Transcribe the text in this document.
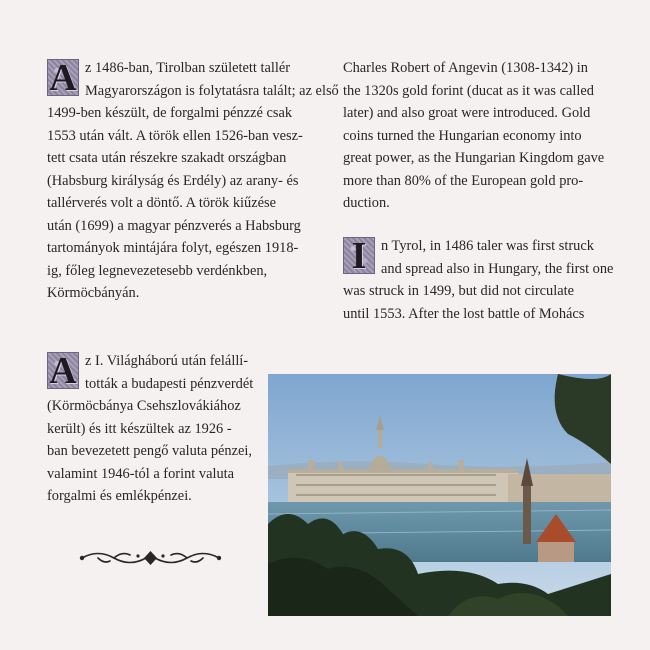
A z 1486-ban, Tirolban született tallér
Magyarországon is folytatásra talált; az első
1499-ben készült, de forgalmi pénzzé csak
1553 után vált. A török ellen 1526-ban vesz-
tett csata után részekre szakadt országban
(Habsburg királyság és Erdély) az arany- és
tallérverés volt a döntő. A török kiűzése
után (1699) a magyar pénzverés a Habsburg
tartományok mintájára folyt, egészen 1918-
ig, főleg legnevezetesebb verdénkben,
Körmöcbányán.
Charles Robert of Angevin (1308-1342) in
the 1320s gold forint (ducat as it was called
later) and also groat were introduced. Gold
coins turned the Hungarian economy into
great power, as the Hungarian Kingdom gave
more than 80% of the European gold pro-
duction.
I	n Tyrol, in 1486 taler was first struck
and spread also in Hungary, the first one
was struck in 1499, but did not circulate
until 1553. After the lost battle of Mohács
A z I. Világháború után felállí-
tották a budapesti pénzverdét
(Körmöcbánya Csehszlovákiához
került) és itt készültek az 1926 -
ban bevezetett pengő valuta pénzei,
valamint 1946-tól a forint valuta
forgalmi és emlékpénzei.
